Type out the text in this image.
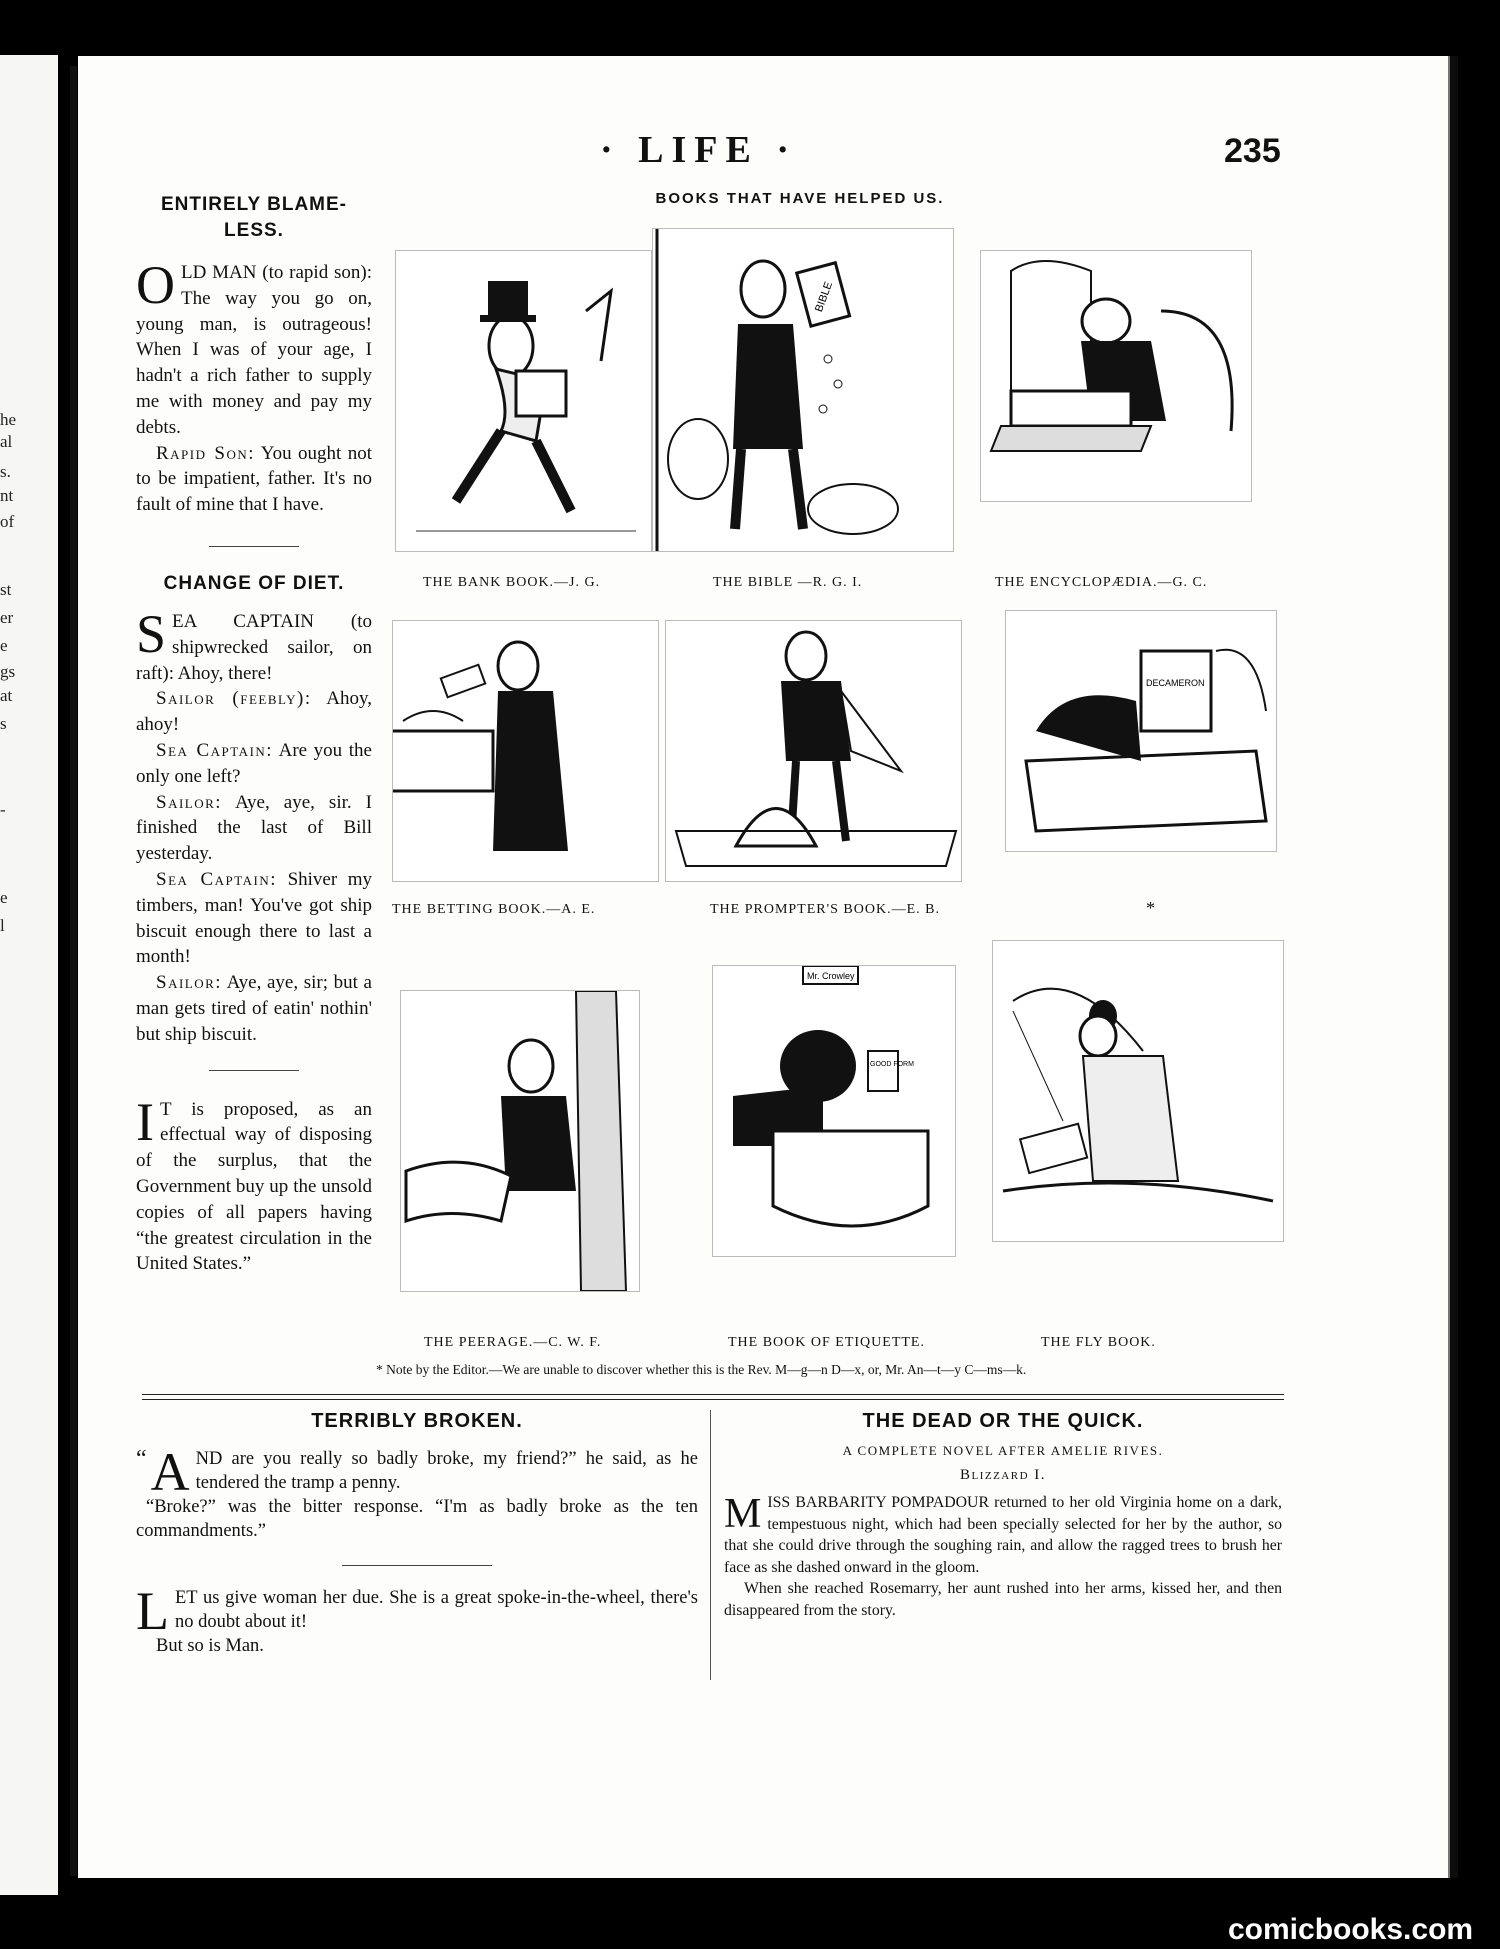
he
al
s.
nt
of
st
er
e
gs
at
s
-
e
l
· LIFE ·	235
ENTIRELY BLAME- LESS.

OLD MAN (to rapid son): The way you go on, young man, is outrageous! When I was of your age, I hadn't a rich father to supply me with money and pay my debts.

Rapid Son: You ought not to be impatient, father. It's no fault of mine that I have.

CHANGE OF DIET.

SEA CAPTAIN (to shipwrecked sailor, on raft): Ahoy, there!

Sailor (feebly): Ahoy, ahoy!

Sea Captain: Are you the only one left?

Sailor: Aye, aye, sir. I finished the last of Bill yesterday.

Sea Captain: Shiver my timbers, man! You've got ship biscuit enough there to last a month!

Sailor: Aye, aye, sir; but a man gets tired of eatin' nothin' but ship biscuit.

I T is proposed, as an effectual way of disposing of the surplus, that the Government buy up the unsold copies of all papers having “the greatest circulation in the United States.”

BOOKS THAT HAVE HELPED US.
BIBLE
THE BANK BOOK.—J. G.	THE BIBLE —R. G. I.	THE ENCYCLOPÆDIA.—G. C.
DECAMERON
THE BETTING BOOK.—A. E.	THE PROMPTER'S BOOK.—E. B.	*
Mr. Crowley
GOOD FORM
THE PEERAGE.—C. W. F.	THE BOOK OF ETIQUETTE.	THE FLY BOOK.
* Note by the Editor.—We are unable to discover whether this is the Rev. M—g—n D—x, or, Mr. An—t—y C—ms—k.
TERRIBLY BROKEN.

“ A ND are you really so badly broke, my friend?” he said, as he tendered the tramp a penny.

“Broke?” was the bitter response. “I'm as badly broke as the ten commandments.”

LET us give woman her due. She is a great spoke-in-the-wheel, there's no doubt about it!

But so is Man.

THE DEAD OR THE QUICK.
A COMPLETE NOVEL AFTER AMELIE RIVES.
Blizzard I.

MISS BARBARITY POMPADOUR returned to her old Virginia home on a dark, tempestuous night, which had been specially selected for her by the author, so that she could drive through the soughing rain, and allow the ragged trees to brush her face as she dashed onward in the gloom.

When she reached Rosemarry, her aunt rushed into her arms, kissed her, and then disappeared from the story.

comicbooks.com
